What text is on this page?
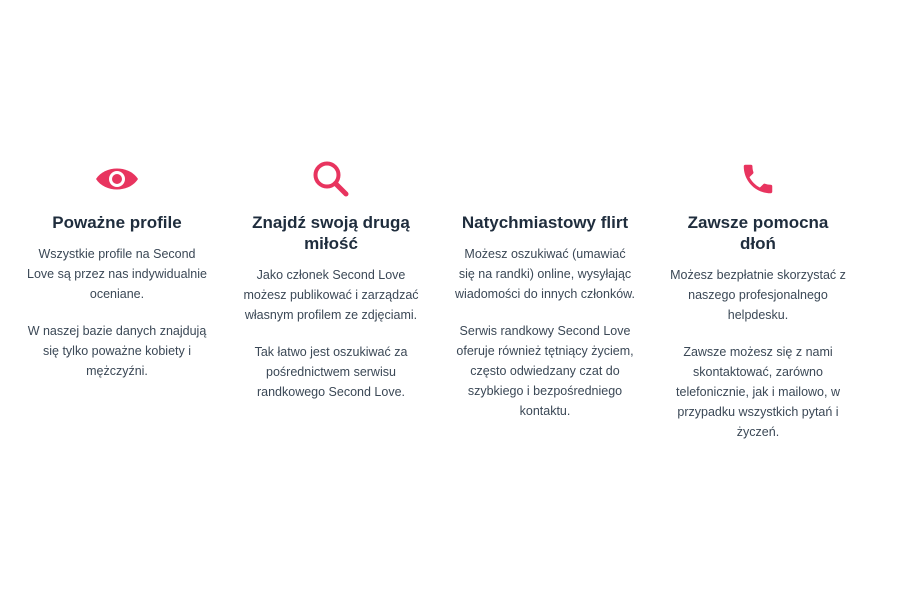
Poważne profile

Wszystkie profile na Second Love są przez nas indywidualnie oceniane.

W naszej bazie danych znajdują się tylko poważne kobiety i mężczyźni.

Znajdź swoją drugą miłość

Jako członek Second Love możesz publikować i zarządzać własnym profilem ze zdjęciami.

Tak łatwo jest oszukiwać za pośrednictwem serwisu randkowego Second Love.

Natychmiastowy flirt

Możesz oszukiwać (umawiać się na randki) online, wysyłając wiadomości do innych członków.

Serwis randkowy Second Love oferuje również tętniący życiem, często odwiedzany czat do szybkiego i bezpośredniego kontaktu.

Zawsze pomocna dłoń

Możesz bezpłatnie skorzystać z naszego profesjonalnego helpdesku.

Zawsze możesz się z nami skontaktować, zarówno telefonicznie, jak i mailowo, w przypadku wszystkich pytań i życzeń.
